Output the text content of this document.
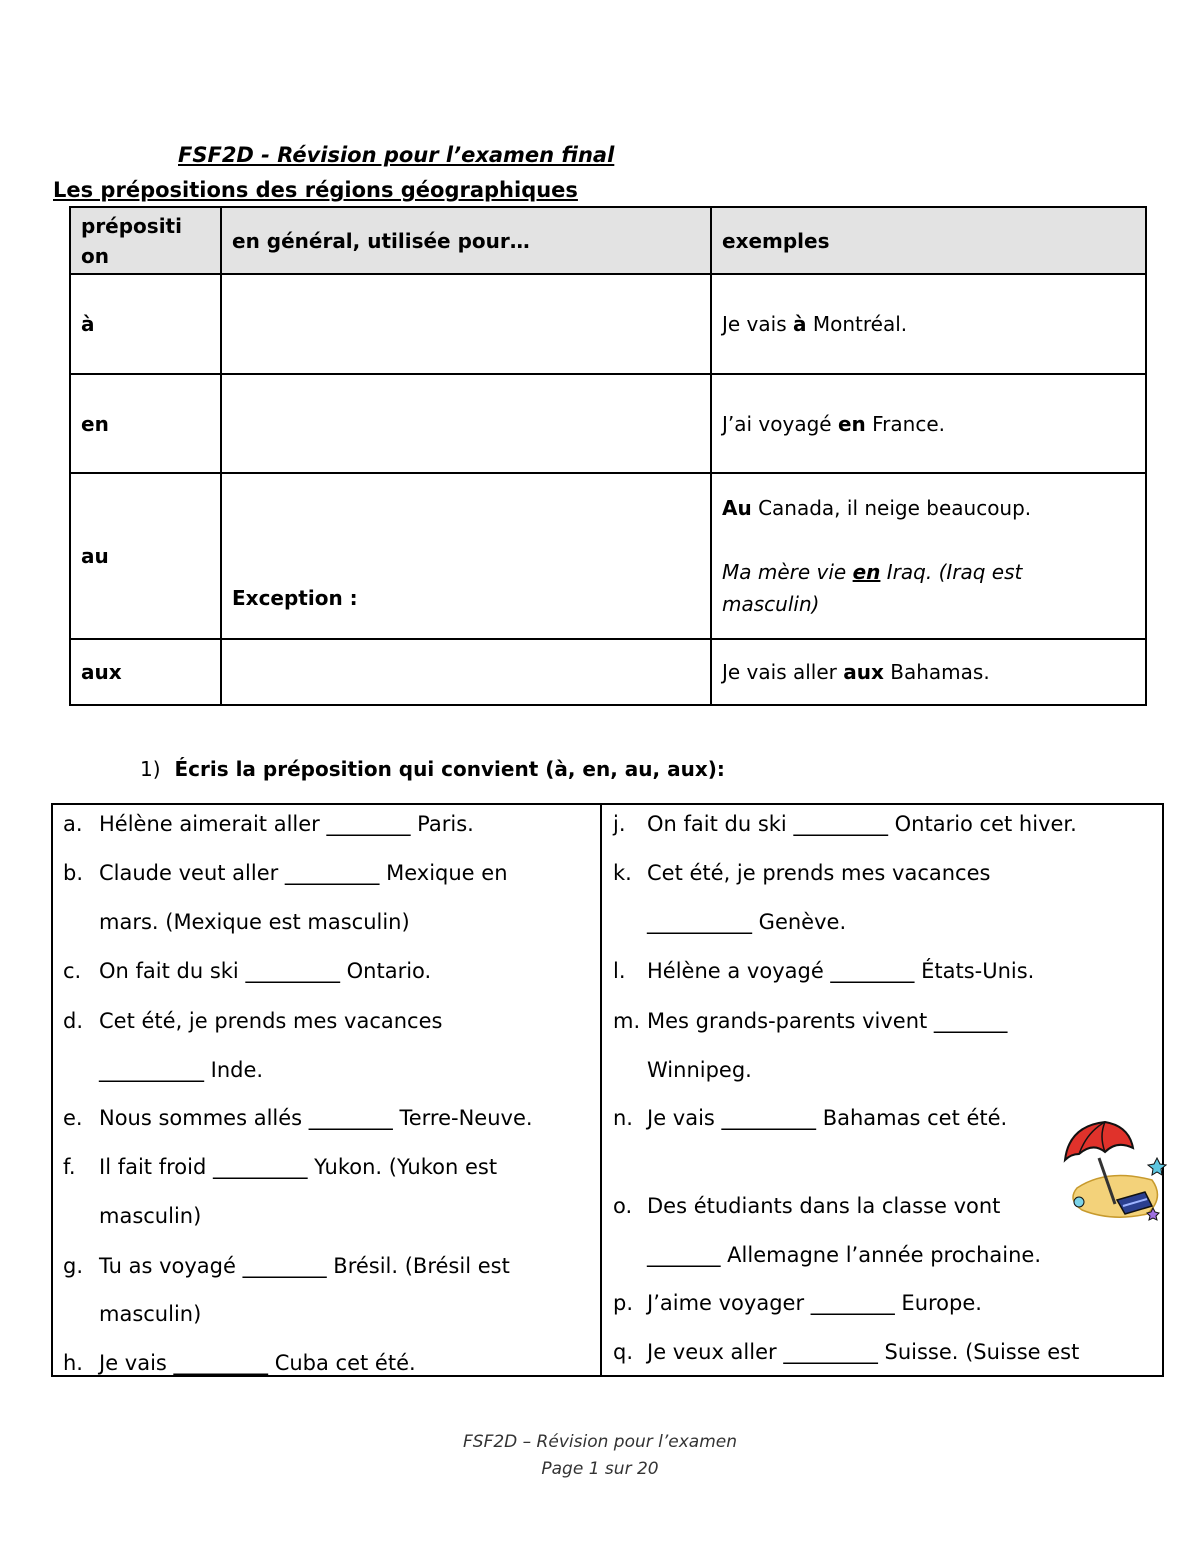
FSF2D - Révision pour l’examen final

Les prépositions des régions géographiques

préposition	en général, utilisée pour…	exemples
à		Je vais à Montréal.

en		J’ai voyagé en France.

au	Exception :	Au Canada, il neige beaucoup.

Ma mère vie en Iraq. (Iraq est

masculin)

aux		Je vais aller aux Bahamas.

1) Écris la préposition qui convient (à, en, au, aux):

a. Hélène aimerait aller ________ Paris.
b. Claude veut aller _________ Mexique en
mars. (Mexique est masculin)
c. On fait du ski _________ Ontario.
d. Cet été, je prends mes vacances
__________ Inde.
e. Nous sommes allés ________ Terre-Neuve.
f. Il fait froid _________ Yukon. (Yukon est
masculin)
g. Tu as voyagé ________ Brésil. (Brésil est
masculin)
h. Je vais _________ Cuba cet été.
j. On fait du ski _________ Ontario cet hiver.
k. Cet été, je prends mes vacances
__________ Genève.
l. Hélène a voyagé ________ États-Unis.
m. Mes grands-parents vivent _______
Winnipeg.
n. Je vais _________ Bahamas cet été.
o. Des étudiants dans la classe vont
_______ Allemagne l’année prochaine.
p. J’aime voyager ________ Europe.
q. Je veux aller _________ Suisse. (Suisse est
FSF2D – Révision pour l’examen
Page 1 sur 20
